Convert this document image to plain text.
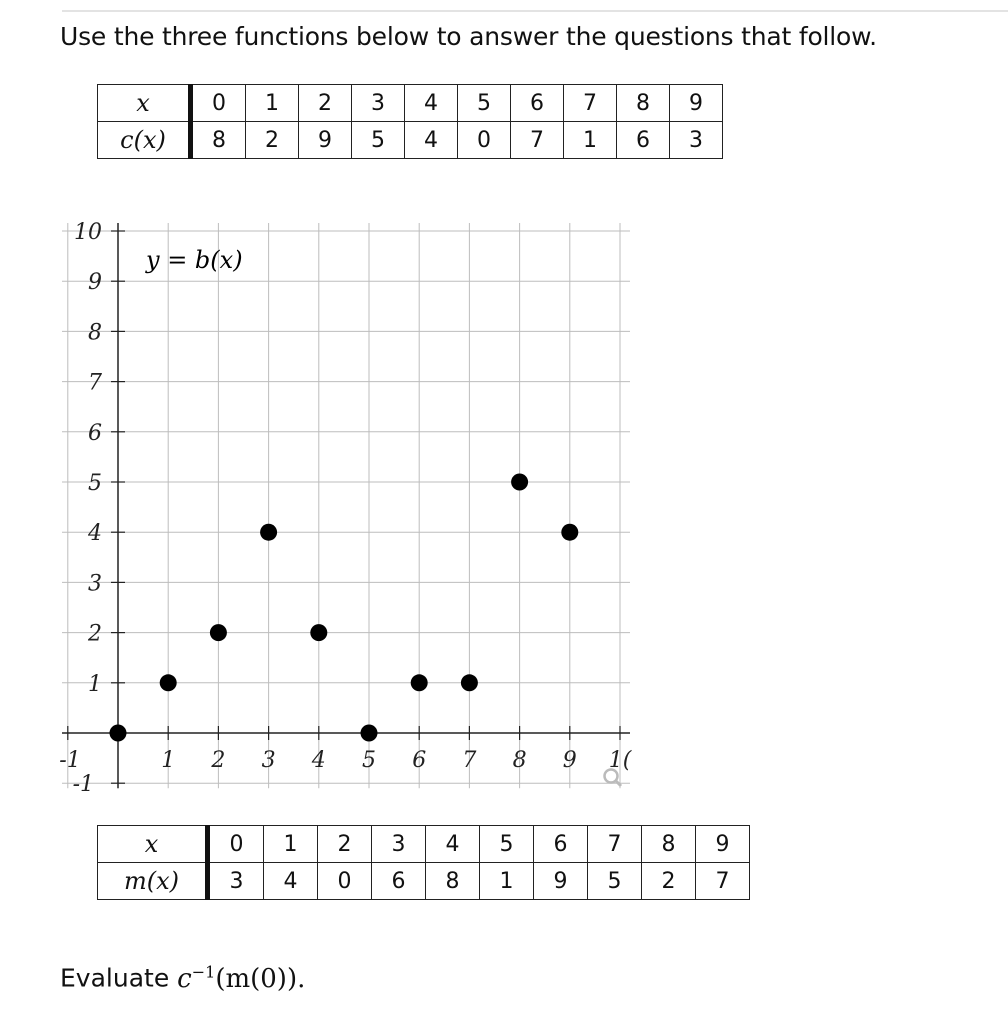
Use the three functions below to answer the questions that follow.
x	0	1	2	3	4	5	6	7	8	9
c(x)	8	2	9	5	4	0	7	1	6	3
-1	1 2 3 4 5 6 7 8 9 1(
-1
1
2
3
4
5
6
7
8
9
10
y = b(x)
x	0	1	2	3	4	5	6	7	8	9
m(x)	3	4	0	6	8	1	9	5	2	7
Evaluate $c^{-1}(m(0))$.
